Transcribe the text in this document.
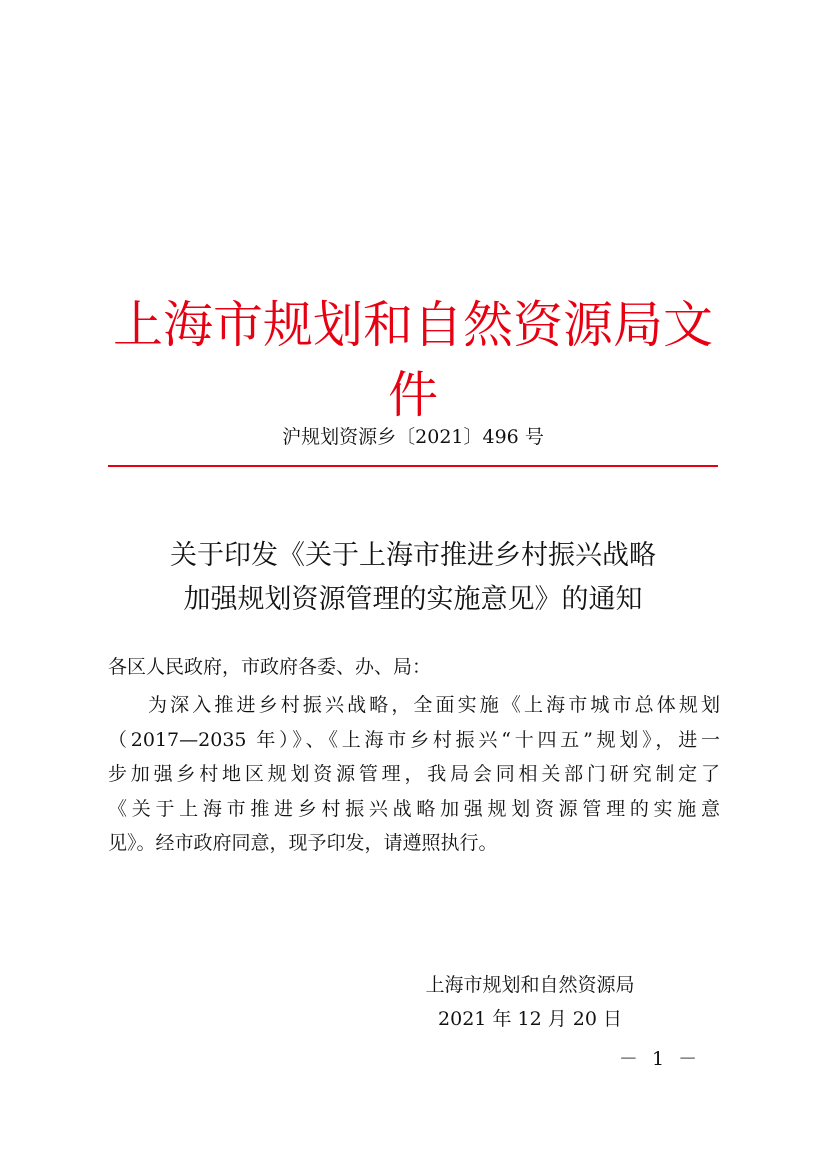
上海市规划和自然资源局文件
沪规划资源乡〔2021〕496 号
关于印发《关于上海市推进乡村振兴战略
加强规划资源管理的实施意见》的通知
各区人民政府，市政府各委、办、局：
为深入推进乡村振兴战略，全面实施《上海市城市总体规划
（2017—2035 年）》、《上海市乡村振兴“十四五”规划》，进一
步加强乡村地区规划资源管理，我局会同相关部门研究制定了
《关于上海市推进乡村振兴战略加强规划资源管理的实施意
见》。经市政府同意，现予印发，请遵照执行。
上海市规划和自然资源局
2021 年 12 月 20 日
－ 1 －
